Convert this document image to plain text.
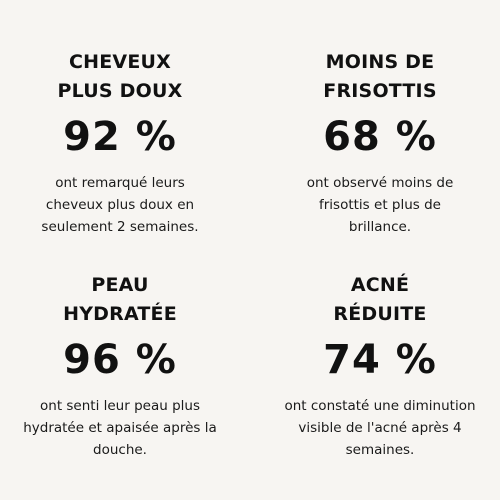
CHEVEUX
PLUS DOUX
92 %
ont remarqué leurs
cheveux plus doux en
seulement 2 semaines.
MOINS DE
FRISOTTIS
68 %
ont observé moins de
frisottis et plus de
brillance.
PEAU
HYDRATÉE
96 %
ont senti leur peau plus
hydratée et apaisée après la
douche.
ACNÉ
RÉDUITE
74 %
ont constaté une diminution
visible de l'acné après 4
semaines.
